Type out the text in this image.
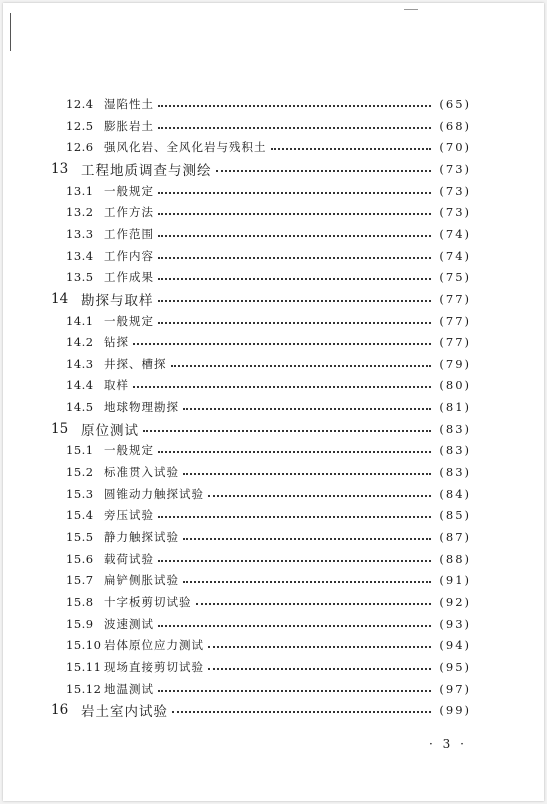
12.4 湿陷性土	(65)
12.5 膨胀岩土	(68)
12.6 强风化岩、全风化岩与残积土	(70)
13 工程地质调查与测绘	(73)
13.1 一般规定	(73)
13.2 工作方法	(73)
13.3 工作范围	(74)
13.4 工作内容	(74)
13.5 工作成果	(75)
14 勘探与取样	(77)
14.1 一般规定	(77)
14.2 钻探	(77)
14.3 井探、槽探	(79)
14.4 取样	(80)
14.5 地球物理勘探	(81)
15 原位测试	(83)
15.1 一般规定	(83)
15.2 标准贯入试验	(83)
15.3 圆锥动力触探试验	(84)
15.4 旁压试验	(85)
15.5 静力触探试验	(87)
15.6 载荷试验	(88)
15.7 扁铲侧胀试验	(91)
15.8 十字板剪切试验	(92)
15.9 波速测试	(93)
15.10 岩体原位应力测试	(94)
15.11 现场直接剪切试验	(95)
15.12 地温测试	(97)
16 岩土室内试验	(99)
· 3 ·
